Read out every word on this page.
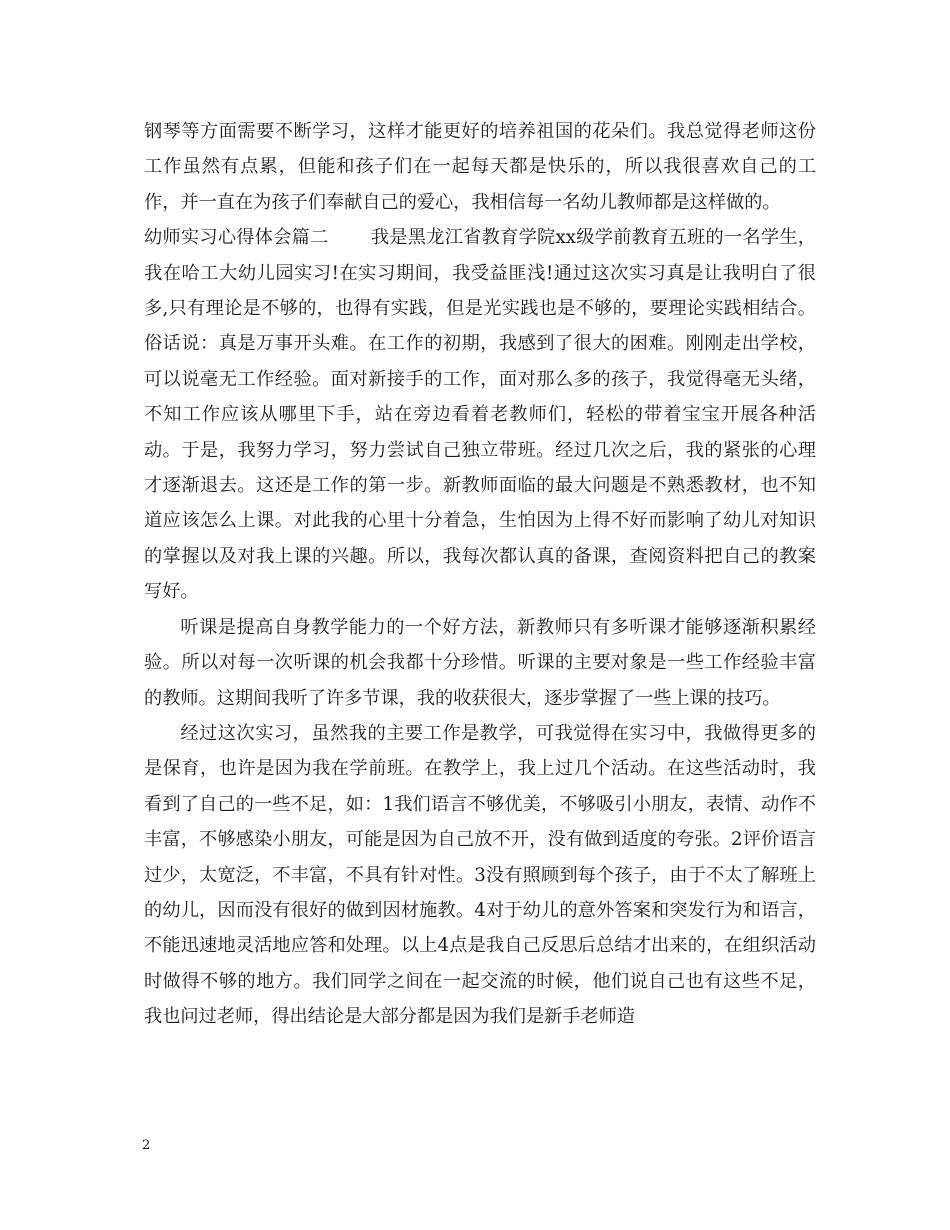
钢琴等方面需要不断学习，这样才能更好的培养祖国的花朵们。我总觉得老师这份工作虽然有点累，但能和孩子们在一起每天都是快乐的，所以我很喜欢自己的工作，并一直在为孩子们奉献自己的爱心，我相信每一名幼儿教师都是这样做的。

幼师实习心得体会篇二 我是黑龙江省教育学院xx级学前教育五班的一名学生，我在哈工大幼儿园实习!在实习期间，我受益匪浅!通过这次实习真是让我明白了很多,只有理论是不够的，也得有实践，但是光实践也是不够的，要理论实践相结合。俗话说：真是万事开头难。在工作的初期，我感到了很大的困难。刚刚走出学校，可以说毫无工作经验。面对新接手的工作，面对那么多的孩子，我觉得毫无头绪，不知工作应该从哪里下手，站在旁边看着老教师们，轻松的带着宝宝开展各种活动。于是，我努力学习，努力尝试自己独立带班。经过几次之后，我的紧张的心理才逐渐退去。这还是工作的第一步。新教师面临的最大问题是不熟悉教材，也不知道应该怎么上课。对此我的心里十分着急，生怕因为上得不好而影响了幼儿对知识的掌握以及对我上课的兴趣。所以，我每次都认真的备课，查阅资料把自己的教案写好。

听课是提高自身教学能力的一个好方法，新教师只有多听课才能够逐渐积累经验。所以对每一次听课的机会我都十分珍惜。听课的主要对象是一些工作经验丰富的教师。这期间我听了许多节课，我的收获很大，逐步掌握了一些上课的技巧。

经过这次实习，虽然我的主要工作是教学，可我觉得在实习中，我做得更多的是保育，也许是因为我在学前班。在教学上，我上过几个活动。在这些活动时，我看到了自己的一些不足，如：1我们语言不够优美，不够吸引小朋友，表情、动作不丰富，不够感染小朋友，可能是因为自己放不开，没有做到适度的夸张。2评价语言过少，太宽泛，不丰富，不具有针对性。3没有照顾到每个孩子，由于不太了解班上的幼儿，因而没有很好的做到因材施教。4对于幼儿的意外答案和突发行为和语言，不能迅速地灵活地应答和处理。以上4点是我自己反思后总结才出来的，在组织活动时做得不够的地方。我们同学之间在一起交流的时候，他们说自己也有这些不足，我也问过老师，得出结论是大部分都是因为我们是新手老师造

2
